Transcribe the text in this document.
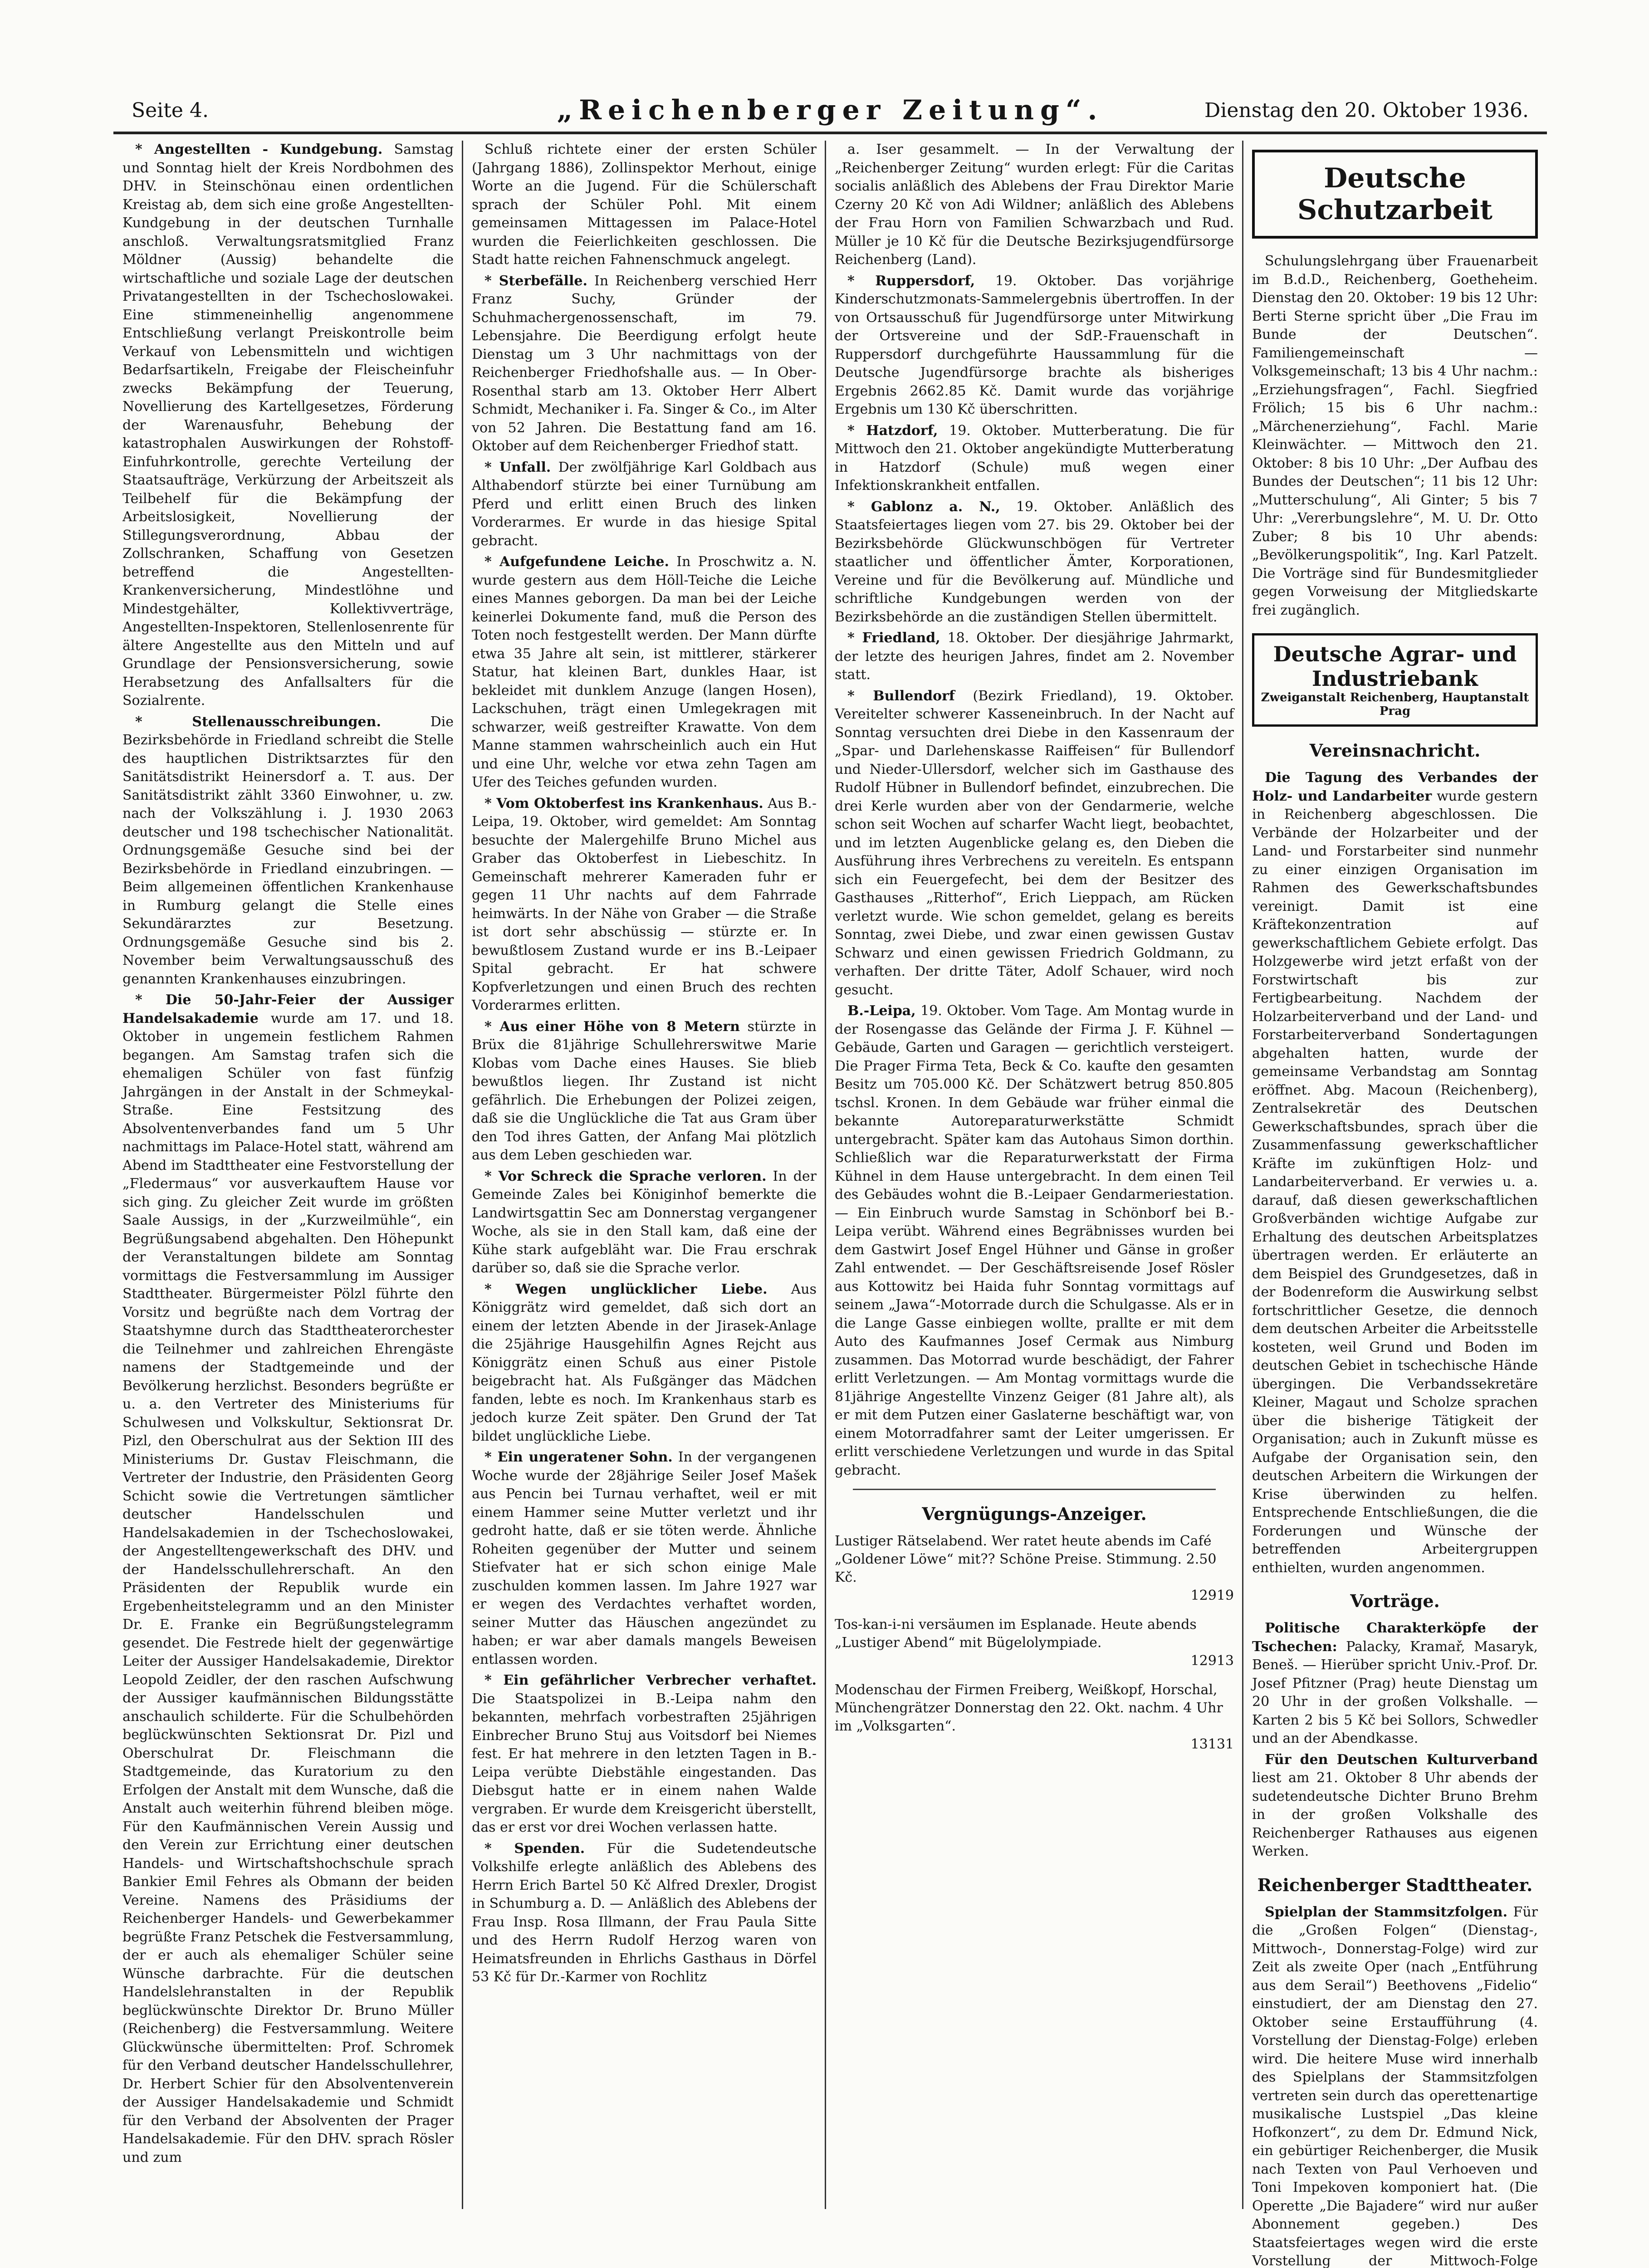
Seite 4.	„Reichenberger Zeitung“.	Dienstag den 20. Oktober 1936.

* Angestellten - Kundgebung. Samstag und Sonntag hielt der Kreis Nordbohmen des DHV. in Steinschönau einen ordentlichen Kreistag ab, dem sich eine große Angestellten-Kundgebung in der deutschen Turnhalle anschloß. Verwaltungsratsmitglied Franz Möldner (Aussig) behandelte die wirtschaftliche und soziale Lage der deutschen Privatangestellten in der Tschechoslowakei. Eine stimmeneinhellig angenommene Entschließung verlangt Preiskontrolle beim Verkauf von Lebensmitteln und wichtigen Bedarfsartikeln, Freigabe der Fleischeinfuhr zwecks Bekämpfung der Teuerung, Novellierung des Kartellgesetzes, Förderung der Warenausfuhr, Behebung der katastrophalen Auswirkungen der Rohstoff-Einfuhrkontrolle, gerechte Verteilung der Staatsaufträge, Verkürzung der Arbeitszeit als Teilbehelf für die Bekämpfung der Arbeitslosigkeit, Novellierung der Stillegungsverordnung, Abbau der Zollschranken, Schaffung von Gesetzen betreffend die Angestellten-Krankenversicherung, Mindestlöhne und Mindestgehälter, Kollektivverträge, Angestellten-Inspektoren, Stellenlosenrente für ältere Angestellte aus den Mitteln und auf Grundlage der Pensionsversicherung, sowie Herabsetzung des Anfallsalters für die Sozialrente.

* Stellenausschreibungen.	Die Bezirksbehörde in Friedland schreibt die Stelle des hauptlichen Distriktsarztes für den Sanitätsdistrikt Heinersdorf a. T. aus. Der Sanitätsdistrikt zählt 3360 Einwohner, u. zw. nach der Volkszählung i. J. 1930 2063 deutscher und 198 tschechischer Nationalität. Ordnungsgemäße Gesuche sind bei der Bezirksbehörde in Friedland einzubringen. — Beim allgemeinen öffentlichen Krankenhause in Rumburg gelangt die Stelle eines Sekundärarztes zur Besetzung. Ordnungsgemäße Gesuche sind bis 2. November beim Verwaltungsausschuß des genannten Krankenhauses einzubringen.

* Die 50-Jahr-Feier der Aussiger Handelsakademie wurde am 17. und 18. Oktober in ungemein festlichem Rahmen begangen. Am Samstag trafen sich die ehemaligen Schüler von fast fünfzig Jahrgängen in der Anstalt in der Schmeykal-Straße. Eine Festsitzung des Absolventenverbandes fand um 5 Uhr nachmittags im Palace-Hotel statt, während am Abend im Stadttheater eine Festvorstellung der „Fledermaus“ vor ausverkauftem Hause vor sich ging. Zu gleicher Zeit wurde im größten Saale Aussigs, in der „Kurzweilmühle“, ein Begrüßungsabend abgehalten. Den Höhepunkt der Veranstaltungen bildete am Sonntag vormittags die Festversammlung im Aussiger Stadttheater. Bürgermeister Pölzl führte den Vorsitz und begrüßte nach dem Vortrag der Staatshymne durch das Stadttheaterorchester die Teilnehmer und zahlreichen Ehrengäste namens der Stadtgemeinde und der Bevölkerung herzlichst. Besonders begrüßte er u. a. den Vertreter des Ministeriums für Schulwesen und Volkskultur, Sektionsrat Dr. Pizl, den Oberschulrat aus der Sektion III des Ministeriums Dr. Gustav Fleischmann, die Vertreter der Industrie, den Präsidenten Georg Schicht sowie die Vertretungen sämtlicher deutscher Handelsschulen und Handelsakademien in der Tschechoslowakei, der Angestelltengewerkschaft des DHV. und der Handelsschullehrerschaft. An den Präsidenten der Republik wurde ein Ergebenheitstelegramm und an den Minister Dr. E. Franke ein Begrüßungstelegramm gesendet. Die Festrede hielt der gegenwärtige Leiter der Aussiger Handelsakademie, Direktor Leopold Zeidler, der den raschen Aufschwung der Aussiger kaufmännischen Bildungsstätte anschaulich schilderte. Für die Schulbehörden beglückwünschten Sektionsrat Dr. Pizl und Oberschulrat Dr. Fleischmann die Stadtgemeinde, das Kuratorium zu den Erfolgen der Anstalt mit dem Wunsche, daß die Anstalt auch weiterhin führend bleiben möge. Für den Kaufmännischen Verein Aussig und den Verein zur Errichtung einer deutschen Handels- und Wirtschaftshochschule sprach Bankier Emil Fehres als Obmann der beiden Vereine. Namens des Präsidiums der Reichenberger Handels- und Gewerbekammer begrüßte Franz Petschek die Festversammlung, der er auch als ehemaliger Schüler seine Wünsche darbrachte. Für die deutschen Handelslehranstalten in der Republik beglückwünschte Direktor Dr. Bruno Müller (Reichenberg) die Festversammlung. Weitere Glückwünsche übermittelten: Prof. Schromek für den Verband deutscher Handelsschullehrer, Dr. Herbert Schier für den Absolventenverein der Aussiger Handelsakademie und Schmidt für den Verband der Absolventen der Prager Handelsakademie. Für den DHV. sprach Rösler und zum

Schluß richtete einer der ersten Schüler (Jahrgang 1886), Zollinspektor Merhout, einige Worte an die Jugend. Für die Schülerschaft sprach der Schüler Pohl. Mit einem gemeinsamen Mittagessen im Palace-Hotel wurden die Feierlichkeiten geschlossen. Die Stadt hatte reichen Fahnenschmuck angelegt.

* Sterbefälle. In Reichenberg verschied Herr Franz Suchy, Gründer der Schuhmachergenossenschaft, im 79. Lebensjahre. Die Beerdigung erfolgt heute Dienstag um 3 Uhr nachmittags von der Reichenberger Friedhofshalle aus. — In Ober-Rosenthal starb am 13. Oktober Herr Albert Schmidt, Mechaniker i. Fa. Singer & Co., im Alter von 52 Jahren. Die Bestattung fand am 16. Oktober auf dem Reichenberger Friedhof statt.

* Unfall. Der zwölfjährige Karl Goldbach aus Althabendorf stürzte bei einer Turnübung am Pferd und erlitt einen Bruch des linken Vorderarmes. Er wurde in das hiesige Spital gebracht.

* Aufgefundene Leiche. In Proschwitz a. N. wurde gestern aus dem Höll-Teiche die Leiche eines Mannes geborgen. Da man bei der Leiche keinerlei Dokumente fand, muß die Person des Toten noch festgestellt werden. Der Mann dürfte etwa 35 Jahre alt sein, ist mittlerer, stärkerer Statur, hat kleinen Bart, dunkles Haar, ist bekleidet mit dunklem Anzuge (langen Hosen), Lackschuhen, trägt einen Umlegekragen mit schwarzer, weiß gestreifter Krawatte. Von dem Manne stammen wahrscheinlich auch ein Hut und eine Uhr, welche vor etwa zehn Tagen am Ufer des Teiches gefunden wurden.

* Vom Oktoberfest ins Krankenhaus. Aus B.-Leipa, 19. Oktober, wird gemeldet: Am Sonntag besuchte der Malergehilfe Bruno Michel aus Graber das Oktoberfest in Liebeschitz. In Gemeinschaft mehrerer Kameraden fuhr er gegen 11 Uhr nachts auf dem Fahrrade heimwärts. In der Nähe von Graber — die Straße ist dort sehr abschüssig — stürzte er. In bewußtlosem Zustand wurde er ins B.-Leipaer Spital gebracht. Er hat schwere Kopfverletzungen und einen Bruch des rechten Vorderarmes erlitten.

* Aus einer Höhe von 8 Metern stürzte in Brüx die 81jährige Schullehrerswitwe Marie Klobas vom Dache eines Hauses. Sie blieb bewußtlos liegen. Ihr Zustand ist nicht gefährlich. Die Erhebungen der Polizei zeigen, daß sie die Unglückliche die Tat aus Gram über den Tod ihres Gatten, der Anfang Mai plötzlich aus dem Leben geschieden war.

* Vor Schreck die Sprache verloren. In der Gemeinde Zales bei Königinhof bemerkte die Landwirtsgattin Sec am Donnerstag vergangener Woche, als sie in den Stall kam, daß eine der Kühe stark aufgebläht war. Die Frau erschrak darüber so, daß sie die Sprache verlor.

* Wegen unglücklicher Liebe. Aus Königgrätz wird gemeldet, daß sich dort an einem der letzten Abende in der Jirasek-Anlage die 25jährige Hausgehilfin Agnes Rejcht aus Königgrätz einen Schuß aus einer Pistole beigebracht hat. Als Fußgänger das Mädchen fanden, lebte es noch. Im Krankenhaus starb es jedoch kurze Zeit später. Den Grund der Tat bildet unglückliche Liebe.

* Ein ungeratener Sohn. In der vergangenen Woche wurde der 28jährige Seiler Josef Mašek aus Pencin bei Turnau verhaftet, weil er mit einem Hammer seine Mutter verletzt und ihr gedroht hatte, daß er sie töten werde. Ähnliche Roheiten gegenüber der Mutter und seinem Stiefvater hat er sich schon einige Male zuschulden kommen lassen. Im Jahre 1927 war er wegen des Verdachtes verhaftet worden, seiner Mutter das Häuschen angezündet zu haben; er war aber damals mangels Beweisen entlassen worden.

* Ein gefährlicher Verbrecher verhaftet. Die Staatspolizei in B.-Leipa nahm den bekannten, mehrfach vorbestraften 25jährigen Einbrecher Bruno Stuj aus Voitsdorf bei Niemes fest. Er hat mehrere in den letzten Tagen in B.-Leipa verübte Diebstähle eingestanden. Das Diebsgut hatte er in einem nahen Walde vergraben. Er wurde dem Kreisgericht überstellt, das er erst vor drei Wochen verlassen hatte.

* Spenden. Für die Sudetendeutsche Volkshilfe erlegte anläßlich des Ablebens des Herrn Erich Bartel 50 Kč Alfred Drexler, Drogist in Schumburg a. D. — Anläßlich des Ablebens der Frau Insp. Rosa Illmann, der Frau Paula Sitte und des Herrn Rudolf Herzog waren von Heimatsfreunden in Ehrlichs Gasthaus in Dörfel 53 Kč für Dr.-Karmer von Rochlitz

a. Iser gesammelt. — In der Verwaltung der „Reichenberger Zeitung“ wurden erlegt: Für die Caritas socialis anläßlich des Ablebens der Frau Direktor Marie Czerny 20 Kč von Adi Wildner; anläßlich des Ablebens der Frau Horn von Familien Schwarzbach und Rud. Müller je 10 Kč für die Deutsche Bezirksjugendfürsorge Reichenberg (Land).

* Ruppersdorf, 19. Oktober. Das vorjährige Kinderschutzmonats-Sammelergebnis übertroffen. In der von Ortsausschuß für Jugendfürsorge unter Mitwirkung der Ortsvereine und der SdP.-Frauenschaft in Ruppersdorf durchgeführte Haussammlung für die Deutsche Jugendfürsorge brachte als bisheriges Ergebnis 2662.85 Kč. Damit wurde das vorjährige Ergebnis um 130 Kč überschritten.

* Hatzdorf, 19. Oktober. Mutterberatung. Die für Mittwoch den 21. Oktober angekündigte Mutterberatung in Hatzdorf (Schule) muß wegen einer Infektionskrankheit entfallen.

* Gablonz a. N., 19. Oktober. Anläßlich des Staatsfeiertages liegen vom 27. bis 29. Oktober bei der Bezirksbehörde Glückwunschbögen für Vertreter staatlicher und öffentlicher Ämter, Korporationen, Vereine und für die Bevölkerung auf. Mündliche und schriftliche Kundgebungen werden von der Bezirksbehörde an die zuständigen Stellen übermittelt.

* Friedland, 18. Oktober. Der diesjährige Jahrmarkt, der letzte des heurigen Jahres, findet am 2. November statt.

* Bullendorf (Bezirk Friedland), 19. Oktober. Vereitelter schwerer Kasseneinbruch. In der Nacht auf Sonntag versuchten drei Diebe in den Kassenraum der „Spar- und Darlehenskasse Raiffeisen“ für Bullendorf und Nieder-Ullersdorf, welcher sich im Gasthause des Rudolf Hübner in Bullendorf befindet, einzubrechen. Die drei Kerle wurden aber von der Gendarmerie, welche schon seit Wochen auf scharfer Wacht liegt, beobachtet, und im letzten Augenblicke gelang es, den Dieben die Ausführung ihres Verbrechens zu vereiteln. Es entspann sich ein Feuergefecht, bei dem der Besitzer des Gasthauses „Ritterhof“, Erich Lieppach, am Rücken verletzt wurde. Wie schon gemeldet, gelang es bereits Sonntag, zwei Diebe, und zwar einen gewissen Gustav Schwarz und einen gewissen Friedrich Goldmann, zu verhaften. Der dritte Täter, Adolf Schauer, wird noch gesucht.

B.-Leipa, 19. Oktober. Vom Tage. Am Montag wurde in der Rosengasse das Gelände der Firma J. F. Kühnel — Gebäude, Garten und Garagen — gerichtlich versteigert. Die Prager Firma Teta, Beck & Co. kaufte den gesamten Besitz um 705.000 Kč. Der Schätzwert betrug 850.805 tschsl. Kronen. In dem Gebäude war früher einmal die bekannte Autoreparaturwerkstätte Schmidt untergebracht. Später kam das Autohaus Simon dorthin. Schließlich war die Reparaturwerkstatt der Firma Kühnel in dem Hause untergebracht. In dem einen Teil des Gebäudes wohnt die B.-Leipaer Gendarmeriestation. — Ein Einbruch wurde Samstag in Schönborf bei B.-Leipa verübt. Während eines Begräbnisses wurden bei dem Gastwirt Josef Engel Hühner und Gänse in großer Zahl entwendet. — Der Geschäftsreisende Josef Rösler aus Kottowitz bei Haida fuhr Sonntag vormittags auf seinem „Jawa“-Motorrade durch die Schulgasse. Als er in die Lange Gasse einbiegen wollte, prallte er mit dem Auto des Kaufmannes Josef Cermak aus Nimburg zusammen. Das Motorrad wurde beschädigt, der Fahrer erlitt Verletzungen. — Am Montag vormittags wurde die 81jährige Angestellte Vinzenz Geiger (81 Jahre alt), als er mit dem Putzen einer Gaslaterne beschäftigt war, von einem Motorradfahrer samt der Leiter umgerissen. Er erlitt verschiedene Verletzungen und wurde in das Spital gebracht.

Vergnügungs-Anzeiger.
Lustiger Rätselabend. Wer ratet heute abends im Café „Goldener Löwe“ mit?? Schöne Preise. Stimmung. 2.50 Kč.
12919
Tos-kan-i-ni versäumen im Esplanade. Heute abends „Lustiger Abend“ mit Bügelolympiade.
12913
Modenschau der Firmen Freiberg, Weißkopf, Horschal, Münchengrätzer Donnerstag den 22. Okt. nachm. 4 Uhr im „Volksgarten“.
13131
Deutsche Schutzarbeit

Schulungslehrgang über Frauenarbeit im B.d.D., Reichenberg, Goetheheim. Dienstag den 20. Oktober: 19 bis 12 Uhr: Berti Sterne spricht über „Die Frau im Bunde der Deutschen“. Familiengemeinschaft — Volksgemeinschaft; 13 bis 4 Uhr nachm.: „Erziehungsfragen“, Fachl. Siegfried Frölich; 15 bis 6 Uhr nachm.: „Märchenerziehung“, Fachl. Marie Kleinwächter. — Mittwoch den 21. Oktober: 8 bis 10 Uhr: „Der Aufbau des Bundes der Deutschen“; 11 bis 12 Uhr: „Mutterschulung“, Ali Ginter; 5 bis 7 Uhr: „Vererbungslehre“, M. U. Dr. Otto Zuber; 8 bis 10 Uhr abends: „Bevölkerungspolitik“, Ing. Karl Patzelt. Die Vorträge sind für Bundesmitglieder gegen Vorweisung der Mitgliedskarte frei zugänglich.

Deutsche Agrar- und Industriebank
Zweiganstalt Reichenberg, Hauptanstalt Prag
Vereinsnachricht.

Die Tagung des Verbandes der Holz- und Landarbeiter wurde gestern in Reichenberg abgeschlossen. Die Verbände der Holzarbeiter und der Land- und Forstarbeiter sind nunmehr zu einer einzigen Organisation im Rahmen des Gewerkschaftsbundes vereinigt. Damit ist eine Kräftekonzentration auf gewerkschaftlichem Gebiete erfolgt. Das Holzgewerbe wird jetzt erfaßt von der Forstwirtschaft bis zur Fertigbearbeitung. Nachdem der Holzarbeiterverband und der Land- und Forstarbeiterverband Sondertagungen abgehalten hatten, wurde der gemeinsame Verbandstag am Sonntag eröffnet. Abg. Macoun (Reichenberg), Zentralsekretär des Deutschen Gewerkschaftsbundes, sprach über die Zusammenfassung gewerkschaftlicher Kräfte im zukünftigen Holz- und Landarbeiterverband. Er verwies u. a. darauf, daß diesen gewerkschaftlichen Großverbänden wichtige Aufgabe zur Erhaltung des deutschen Arbeitsplatzes übertragen werden. Er erläuterte an dem Beispiel des Grundgesetzes, daß in der Bodenreform die Auswirkung selbst fortschrittlicher Gesetze, die dennoch dem deutschen Arbeiter die Arbeitsstelle kosteten, weil Grund und Boden im deutschen Gebiet in tschechische Hände übergingen. Die Verbandssekretäre Kleiner, Magaut und Scholze sprachen über die bisherige Tätigkeit der Organisation; auch in Zukunft müsse es Aufgabe der Organisation sein, den deutschen Arbeitern die Wirkungen der Krise überwinden zu helfen. Entsprechende Entschließungen, die die Forderungen und Wünsche der betreffenden Arbeitergruppen enthielten, wurden angenommen.

Vorträge.

Politische Charakterköpfe der Tschechen: Palacky, Kramař, Masaryk, Beneš. — Hierüber spricht Univ.-Prof. Dr. Josef Pfitzner (Prag) heute Dienstag um 20 Uhr in der großen Volkshalle. — Karten 2 bis 5 Kč bei Sollors, Schwedler und an der Abendkasse.

Für den Deutschen Kulturverband liest am 21. Oktober 8 Uhr abends der sudetendeutsche Dichter Bruno Brehm in der großen Volkshalle des Reichenberger Rathauses aus eigenen Werken.

Reichenberger Stadttheater.

Spielplan der Stammsitzfolgen. Für die „Großen Folgen“ (Dienstag-, Mittwoch-, Donnerstag-Folge) wird zur Zeit als zweite Oper (nach „Entführung aus dem Serail“) Beethovens „Fidelio“ einstudiert, der am Dienstag den 27. Oktober seine Erstaufführung (4. Vorstellung der Dienstag-Folge) erleben wird. Die heitere Muse wird innerhalb des Spielplans der Stammsitzfolgen vertreten sein durch das operettenartige musikalische Lustspiel „Das kleine Hofkonzert“, zu dem Dr. Edmund Nick, ein gebürtiger Reichenberger, die Musik nach Texten von Paul Verhoeven und Toni Impekoven komponiert hat. (Die Operette „Die Bajadere“ wird nur außer Abonnement gegeben.) Des Staatsfeiertages wegen wird die erste Vorstellung der Mittwoch-Folge
